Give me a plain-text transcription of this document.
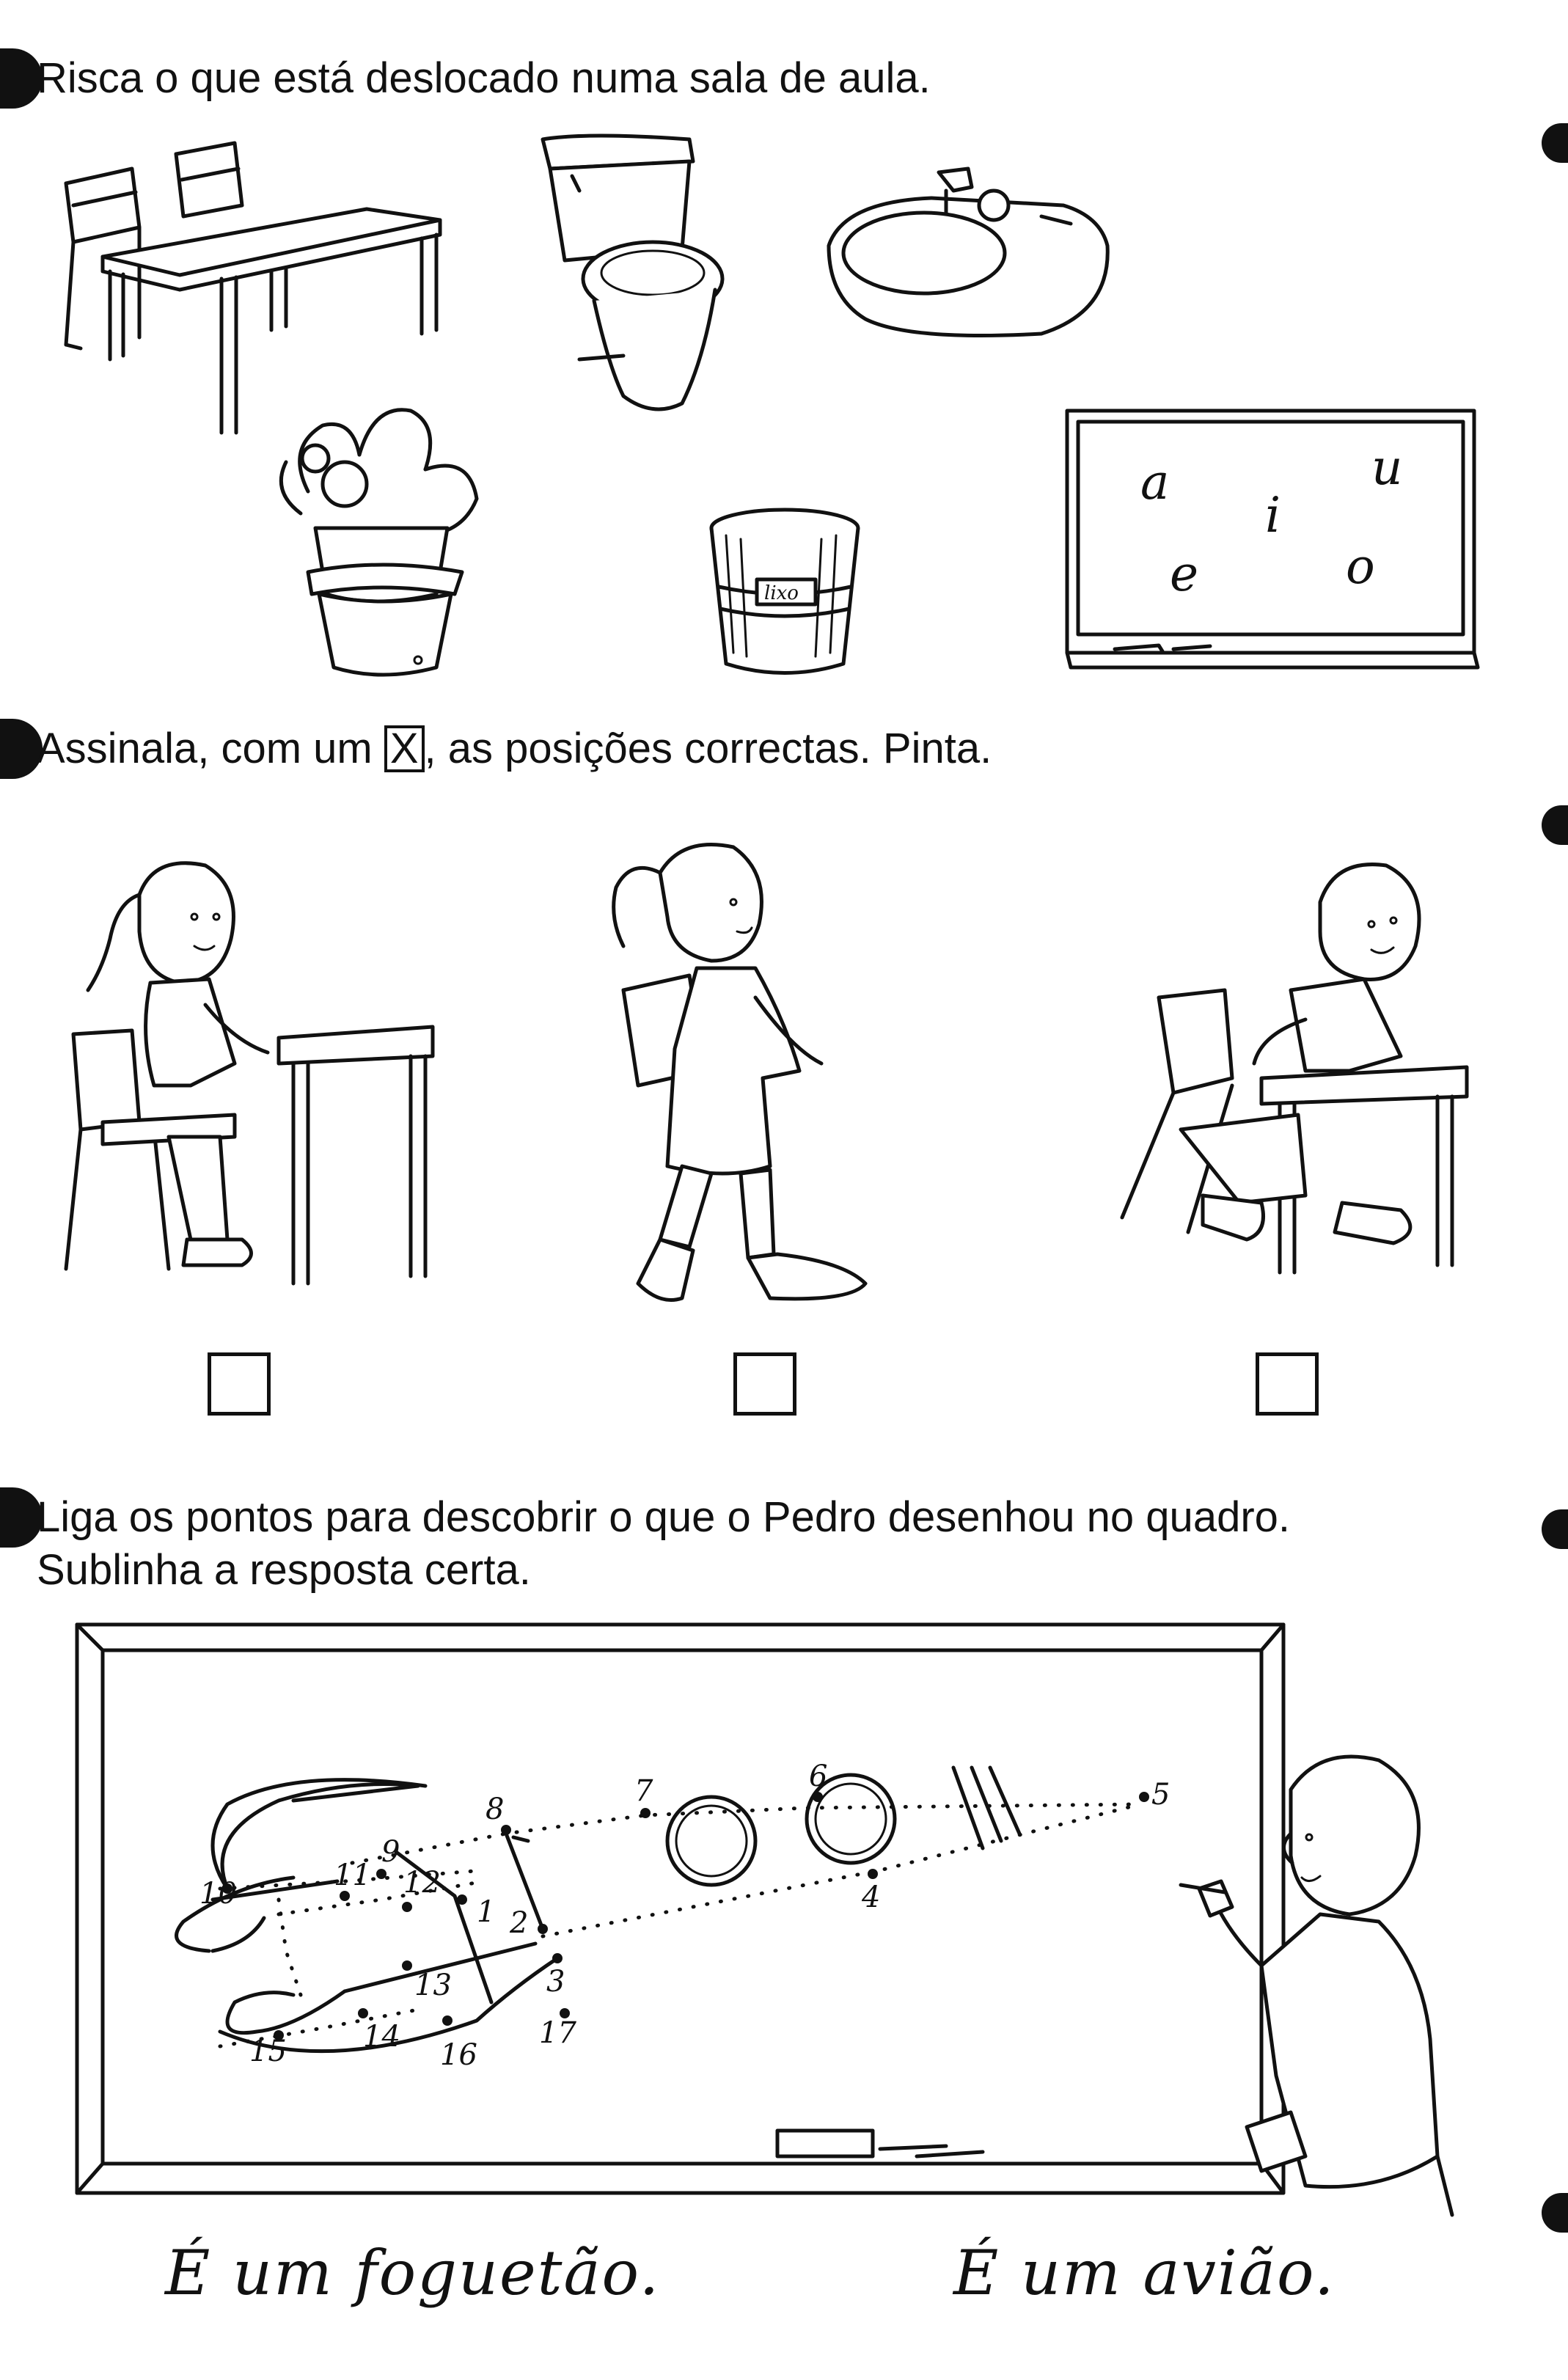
Risca o que está deslocado numa sala de aula.
lixo
a
i
u
e	o
Assinala, com um X , as posições correctas. Pinta.
Liga os pontos para descobrir o que o Pedro desenhou no quadro.
Sublinha a resposta certa.
1 2
3
4
5
6
7
8
9
10
11 12
13
14
15	16
17
É um foguetão.	É um avião.
